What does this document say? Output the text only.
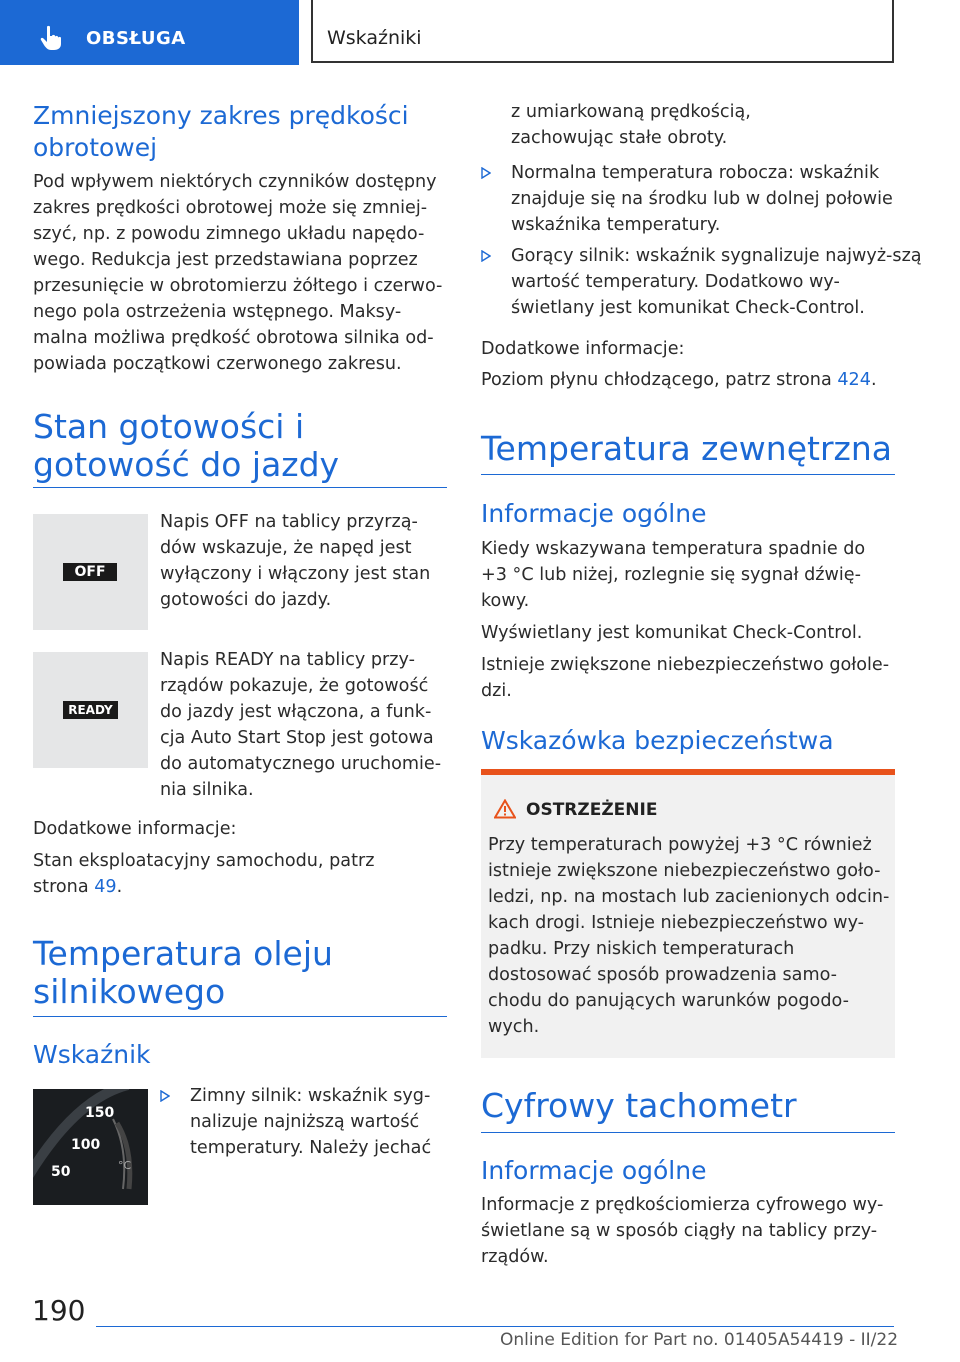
OBSŁUGA	Wskaźniki
Zmniejszony zakres prędkości obrotowej

Pod wpływem niektórych czynników dostępny zakres prędkości obrotowej może się zmniej-szyć, np. z powodu zimnego układu napędo-wego. Redukcja jest przedstawiana poprzez przesunięcie w obrotomierzu żółtego i czerwo-nego pola ostrzeżenia wstępnego. Maksy-malna możliwa prędkość obrotowa silnika od-powiada początkowi czerwonego zakresu.

Stan gotowości i gotowość do jazdy
OFF

Napis OFF na tablicy przyrzą-dów wskazuje, że napęd jest wyłączony i włączony jest stan gotowości do jazdy.

READY

Napis READY na tablicy przy-rządów pokazuje, że gotowość do jazdy jest włączona, a funk-cja Auto Start Stop jest gotowa do automatycznego uruchomie-nia silnika.

Dodatkowe informacje:

Stan eksploatacyjny samochodu, patrz strona 49.

Temperatura oleju silnikowego
Wskaźnik
150
100
50	°C
Zimny silnik: wskaźnik syg-nalizuje najniższą wartość temperatury. Należy jechać

z umiarkowaną prędkością, zachowując stałe obroty.

Normalna temperatura robocza: wskaźnik znajduje się na środku lub w dolnej połowie wskaźnika temperatury.
Gorący silnik: wskaźnik sygnalizuje najwyż-szą wartość temperatury. Dodatkowo wy-świetlany jest komunikat Check-Control.

Dodatkowe informacje:

Poziom płynu chłodzącego, patrz strona 424.

Temperatura zewnętrzna
Informacje ogólne

Kiedy wskazywana temperatura spadnie do +3 °C lub niżej, rozlegnie się sygnał dźwię-kowy.

Wyświetlany jest komunikat Check-Control.

Istnieje zwiększone niebezpieczeństwo gołole-dzi.

Wskazówka bezpieczeństwa
OSTRZEŻENIE

Przy temperaturach powyżej +3 °C również istnieje zwiększone niebezpieczeństwo goło-ledzi, np. na mostach lub zacienionych odcin-kach drogi. Istnieje niebezpieczeństwo wy-padku. Przy niskich temperaturach dostosować sposób prowadzenia samo-chodu do panujących warunków pogodo-wych.

Cyfrowy tachometr
Informacje ogólne

Informacje z prędkościomierza cyfrowego wy-świetlane są w sposób ciągły na tablicy przy-rządów.

190
Online Edition for Part no. 01405A54419 - II/22
